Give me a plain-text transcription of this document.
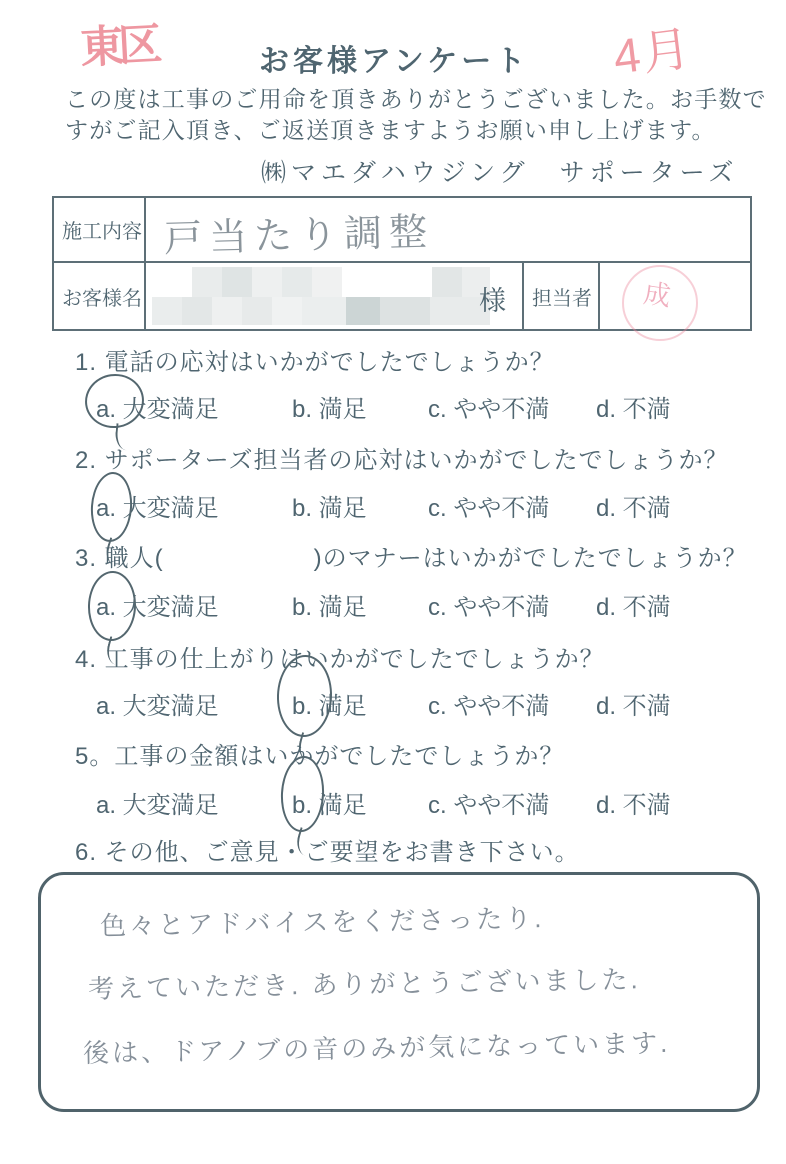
東区	お客様アンケート 4月
この度は工事のご用命を頂きありがとうございました。お手数で
すがご記入頂き、ご返送頂きますようお願い申し上げます。
㈱マエダハウジング　サポーターズ
施工内容 戸当たり調整
お客様名	様	担当者 成
1. 電話の応対はいかがでしたでしょうか？
a. 大変満足	b. 満足	c. やや不満 d. 不満
2. サポーターズ担当者の応対はいかがでしたでしょうか？
a. 大変満足	b. 満足	c. やや不満 d. 不満
3. 職人(　　　　　　)のマナーはいかがでしたでしょうか？
a. 大変満足	b. 満足	c. やや不満 d. 不満
4. 工事の仕上がりはいかがでしたでしょうか？
a. 大変満足	b. 満足	c. やや不満 d. 不満
5。工事の金額はいかがでしたでしょうか？
a. 大変満足	b. 満足	c. やや不満 d. 不満
6. その他、ご意見・ご要望をお書き下さい。
色々とアドバイスをくださったり.
考えていただき. ありがとうございました.
後は、ドアノブの音のみが気になっています.
